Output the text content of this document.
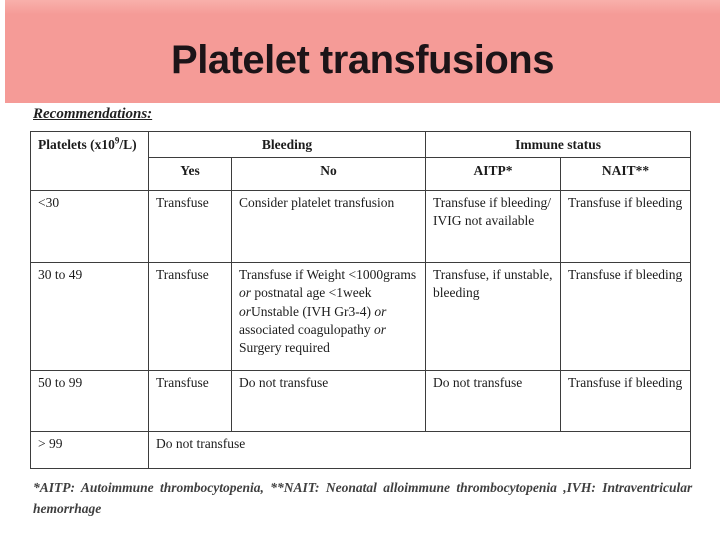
Platelet transfusions
Recommendations:
Platelets $(x10^9/L)$	Bleeding		Immune status	
	Yes	No	AITP*	NAIT**
<30	Transfuse	Consider platelet transfusion	Transfuse if bleeding/ IVIG not available	Transfuse if bleeding
30 to 49	Transfuse	Transfuse if Weight <1000grams or postnatal age <1week orUnstable (IVH Gr3-4) or associated coagulopathy or Surgery required	Transfuse, if unstable, bleeding	Transfuse if bleeding
50 to 99	Transfuse	Do not transfuse	Do not transfuse	Transfuse if bleeding
> 99	Do not transfuse			

*AITP: Autoimmune thrombocytopenia, **NAIT: Neonatal alloimmune thrombocytopenia ,IVH: Intraventricular hemorrhage
